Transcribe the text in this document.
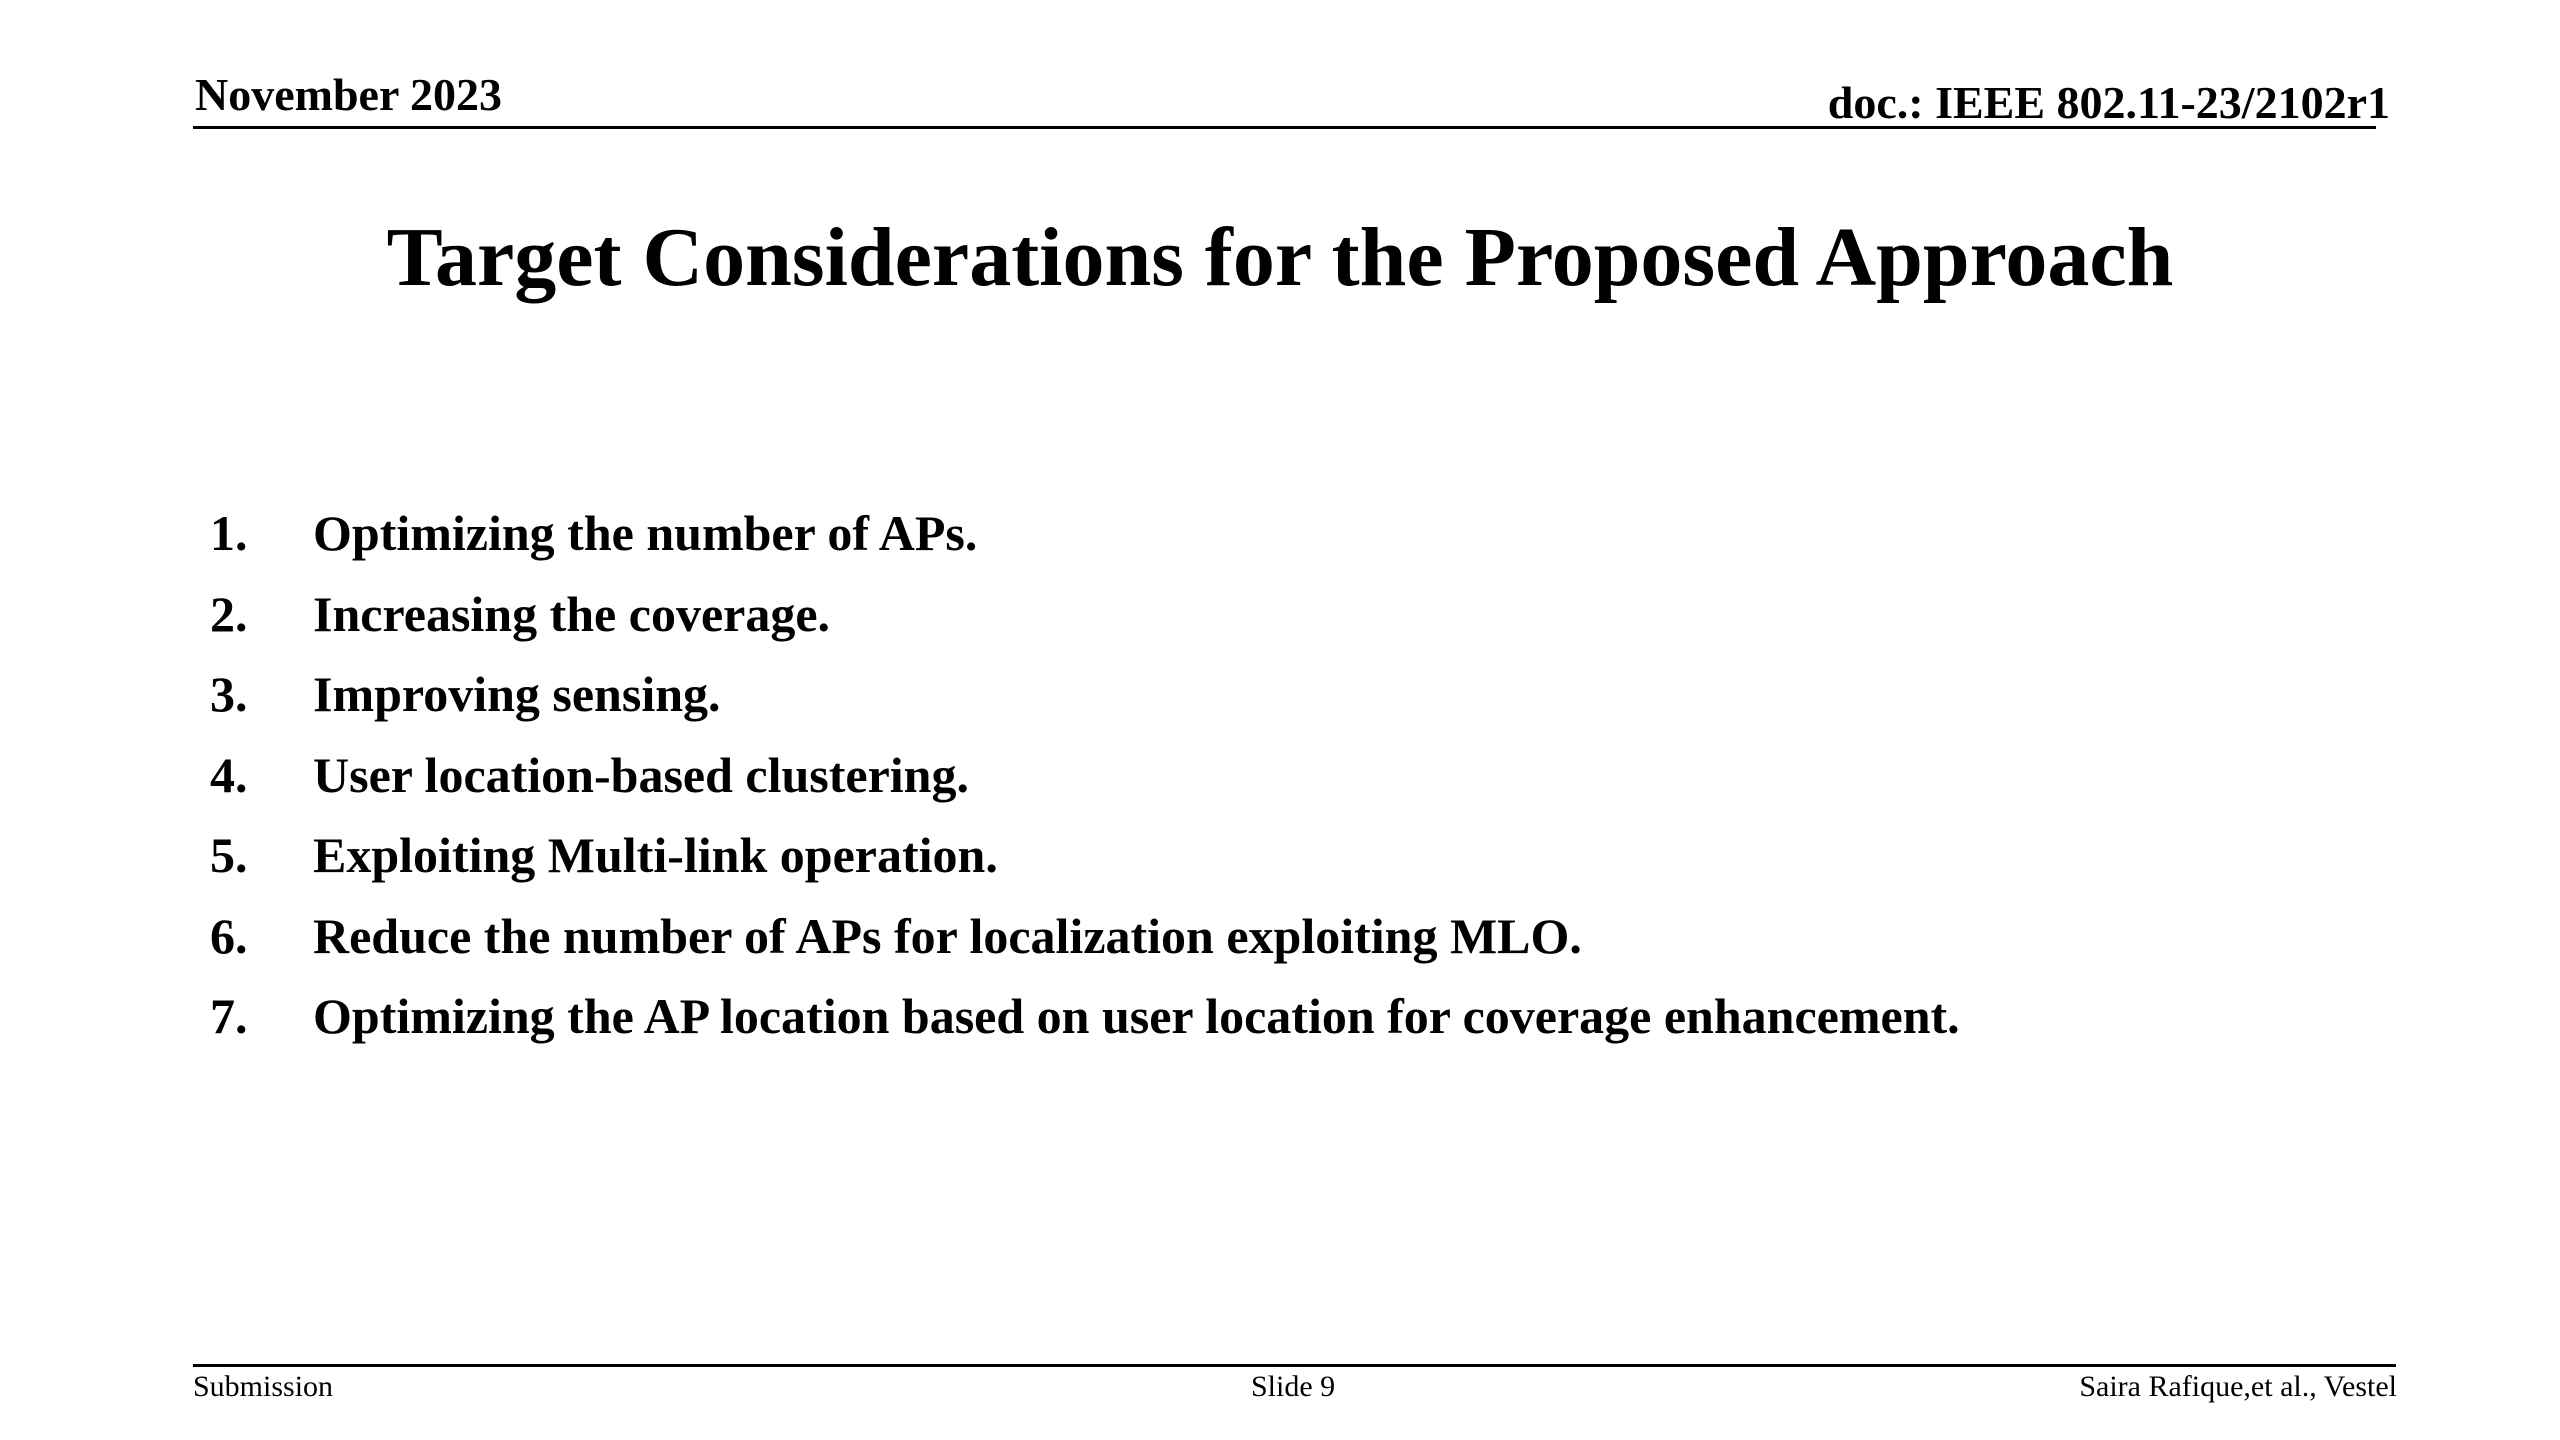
November 2023	doc.: IEEE 802.11-23/2102r1
Target Considerations for the Proposed Approach
1.	Optimizing the number of APs.
2.	Increasing the coverage.
3.	Improving sensing.
4.	User location-based clustering.
5.	Exploiting Multi-link operation.
6.	Reduce the number of APs for localization exploiting MLO.
7.	Optimizing the AP location based on user location for coverage enhancement.
Submission	Slide 9	Saira Rafique,et al., Vestel
